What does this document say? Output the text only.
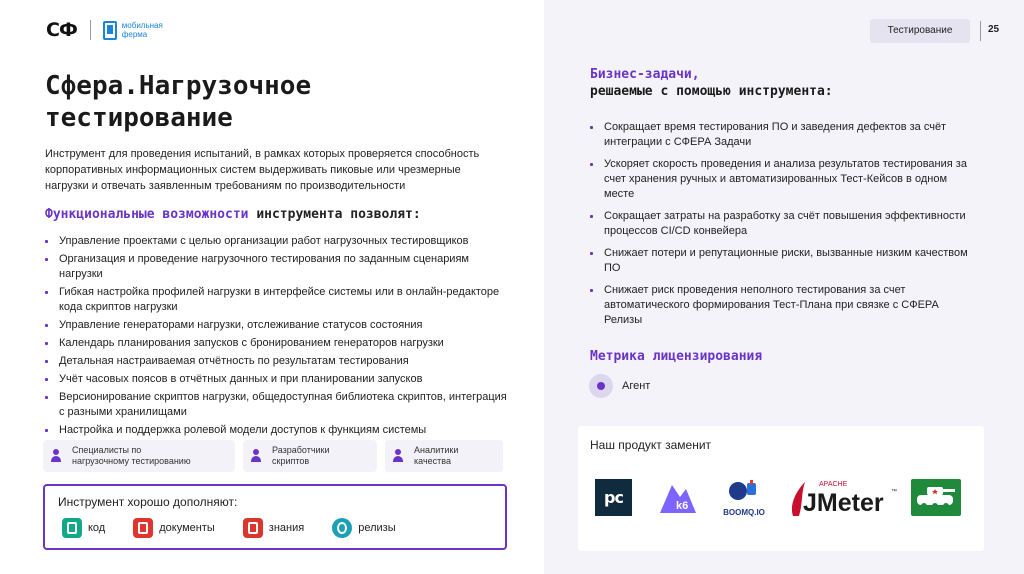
СФ	мобильная
ферма
Сфера.Нагрузочное тестирование

Инструмент для проведения испытаний, в рамках которых проверяется способность корпоративных информационных систем выдерживать пиковые или чрезмерные нагрузки и отвечать заявленным требованиям по производительности

Функциональные возможности инструмента позволят:
Управление проектами с целью организации работ нагрузочных тестировщиков
Организация и проведение нагрузочного тестирования по заданным сценариям нагрузки
Гибкая настройка профилей нагрузки в интерфейсе системы или в онлайн-редакторе кода скриптов нагрузки
Управление генераторами нагрузки, отслеживание статусов состояния
Календарь планирования запусков с бронированием генераторов нагрузки
Детальная настраиваемая отчётность по результатам тестирования
Учёт часовых поясов в отчётных данных и при планировании запусков
Версионирование скриптов нагрузки, общедоступная библиотека скриптов, интеграция с разными хранилищами
Настройка и поддержка ролевой модели доступов к функциям системы
Специалисты по
нагрузочному тестированию
Разработчики
скриптов
Аналитики
качества
Инструмент хорошо дополняют:
код	документы	знания	релизы
Тестирование	25
Бизнес-задачи,
решаемые с помощью инструмента:
Сокращает время тестирования ПО и заведения дефектов за счёт интеграции с СФЕРА Задачи
Ускоряет скорость проведения и анализа результатов тестирования за счет хранения ручных и автоматизированных Тест-Кейсов в одном месте
Сокращает затраты на разработку за счёт повышения эффективности процессов CI/CD конвейера
Снижает потери и репутационные риски, вызванные низким качеством ПО
Снижает риск проведения неполного тестирования за счет автоматического формирования Тест-Плана при связке с СФЕРА Релизы
Метрика лицензирования
Агент
Наш продукт заменит
pc	k6
BOOMQ.IO
APACHE
JMeter ™
